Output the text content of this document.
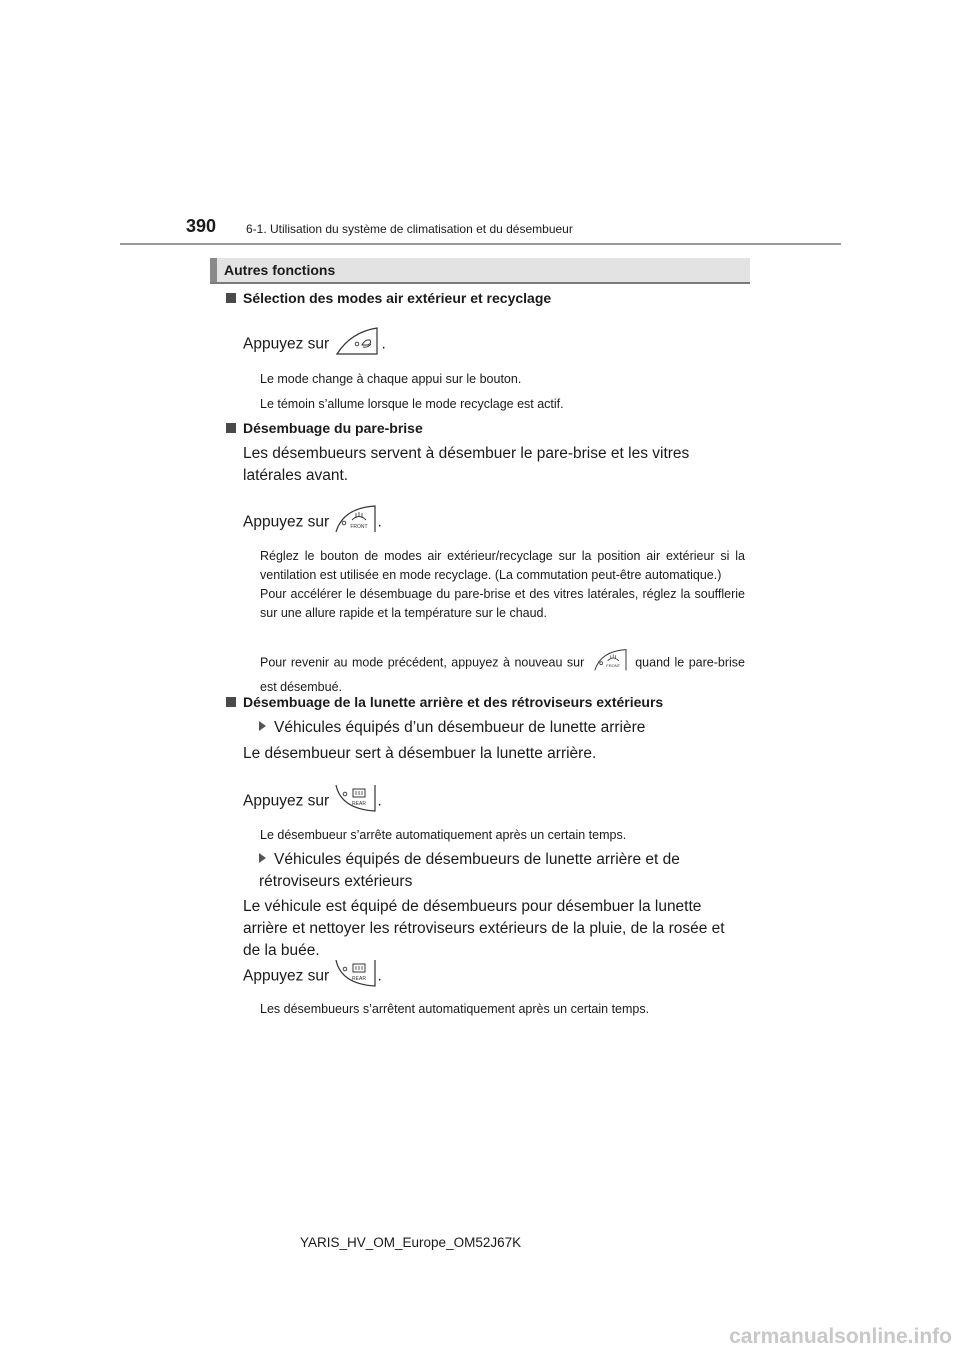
390 6-1. Utilisation du système de climatisation et du désembueur
Autres fonctions
Sélection des modes air extérieur et recyclage
Appuyez sur	.
Le mode change à chaque appui sur le bouton.
Le témoin s’allume lorsque le mode recyclage est actif.
Désembuage du pare-brise
Les désembueurs servent à désembuer le pare-brise et les vitres latérales avant.
Appuyez sur	FRONT .
Réglez le bouton de modes air extérieur/recyclage sur la position air extérieur si la ventilation est utilisée en mode recyclage. (La commutation peut-être automatique.)
Pour accélérer le désembuage du pare-brise et des vitres latérales, réglez la soufflerie sur une allure rapide et la température sur le chaud.
Pour revenir au mode précédent, appuyez à nouveau sur	FRONT quand le pare-brise est désembué.
Désembuage de la lunette arrière et des rétroviseurs extérieurs
Véhicules équipés d’un désembueur de lunette arrière
Le désembueur sert à désembuer la lunette arrière.
Appuyez sur	REAR .
Le désembueur s’arrête automatiquement après un certain temps.
Véhicules équipés de désembueurs de lunette arrière et de rétroviseurs extérieurs
Le véhicule est équipé de désembueurs pour désembuer la lunette arrière et nettoyer les rétroviseurs extérieurs de la pluie, de la rosée et de la buée.
Appuyez sur	REAR .
Les désembueurs s’arrêtent automatiquement après un certain temps.
YARIS_HV_OM_Europe_OM52J67K
carmanualsonline.info
